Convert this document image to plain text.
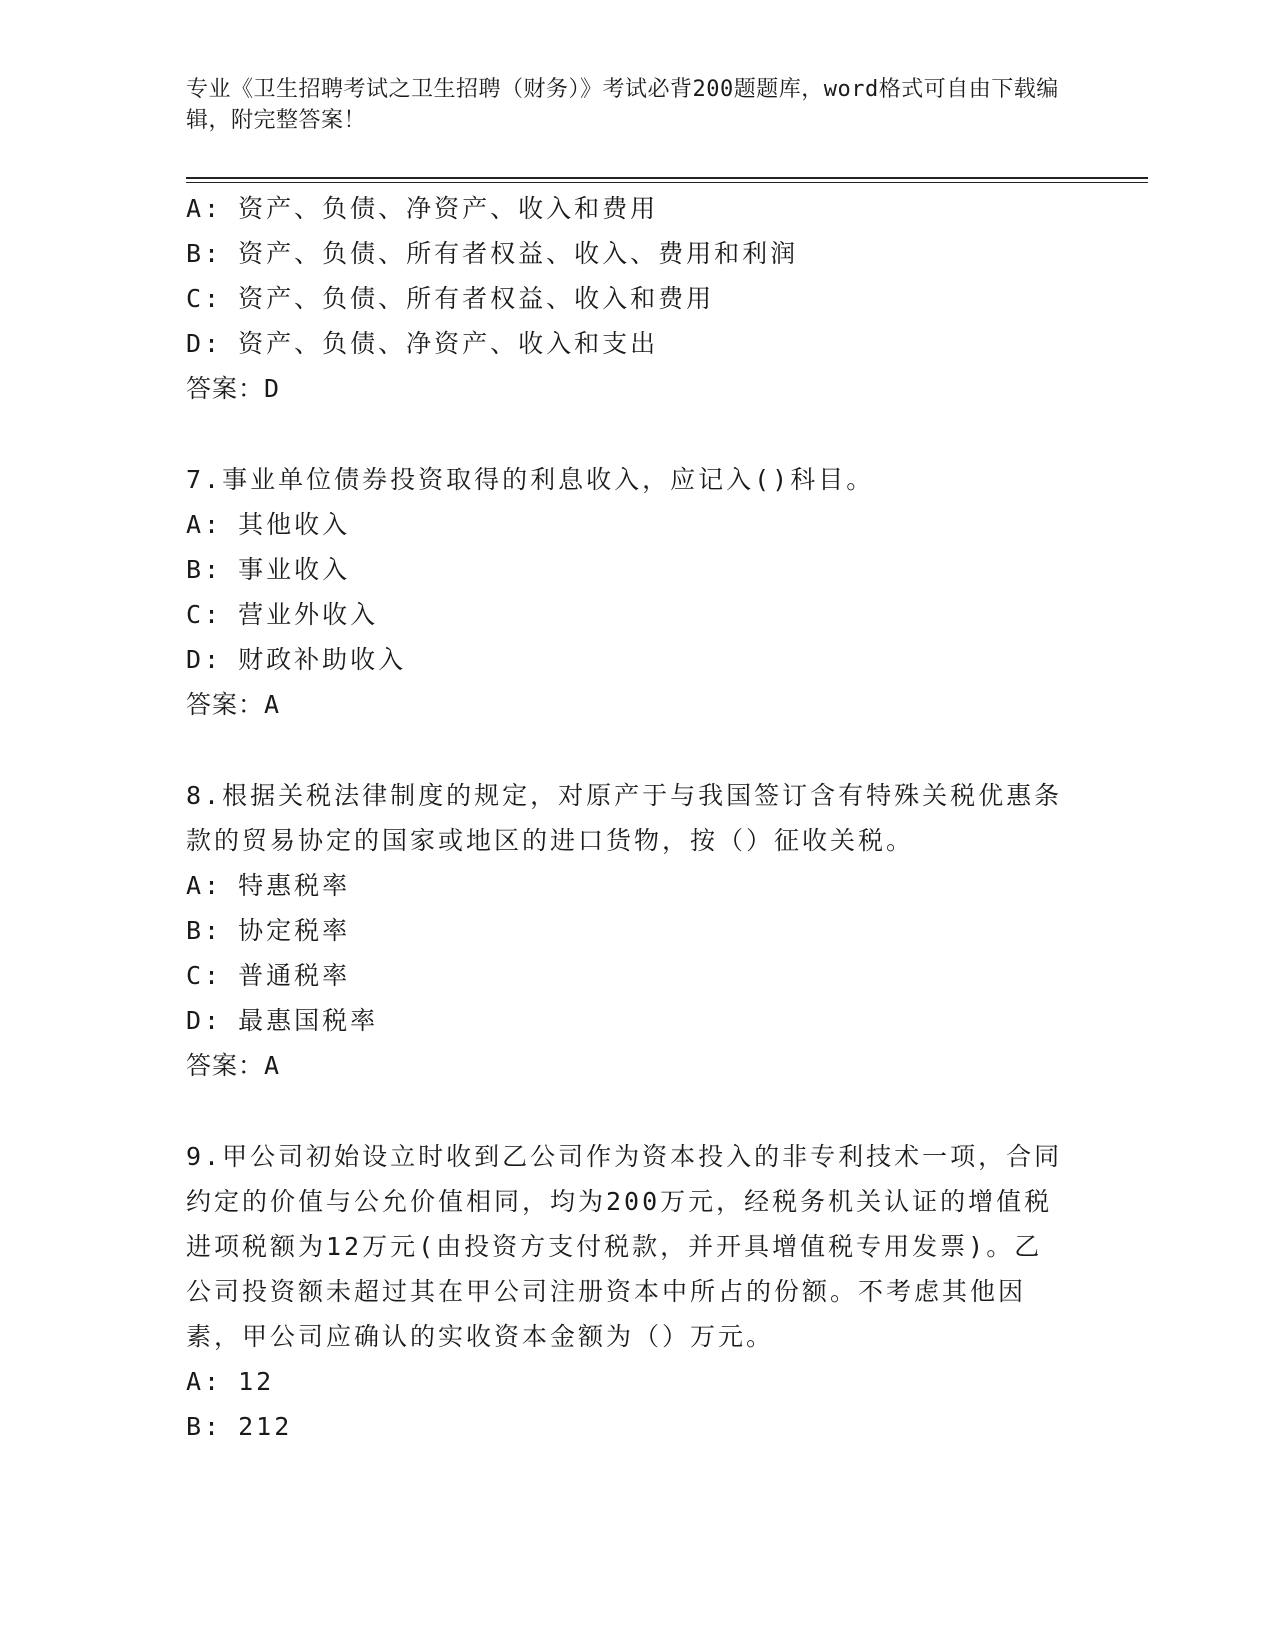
专业《卫生招聘考试之卫生招聘（财务）》考试必背200题题库，word格式可自由下载编辑，附完整答案！
A: 资产、负债、净资产、收入和费用
B: 资产、负债、所有者权益、收入、费用和利润
C: 资产、负债、所有者权益、收入和费用
D: 资产、负债、净资产、收入和支出
答案：D

7.事业单位债券投资取得的利息收入，应记入()科目。

A: 其他收入
B: 事业收入
C: 营业外收入
D: 财政补助收入
答案：A

8.根据关税法律制度的规定，对原产于与我国签订含有特殊关税优惠条款的贸易协定的国家或地区的进口货物，按（）征收关税。

A: 特惠税率
B: 协定税率
C: 普通税率
D: 最惠国税率
答案：A

9.甲公司初始设立时收到乙公司作为资本投入的非专利技术一项，合同约定的价值与公允价值相同，均为200万元，经税务机关认证的增值税进项税额为12万元(由投资方支付税款，并开具增值税专用发票)。乙公司投资额未超过其在甲公司注册资本中所占的份额。不考虑其他因素，甲公司应确认的实收资本金额为（）万元。

A: 12
B: 212
